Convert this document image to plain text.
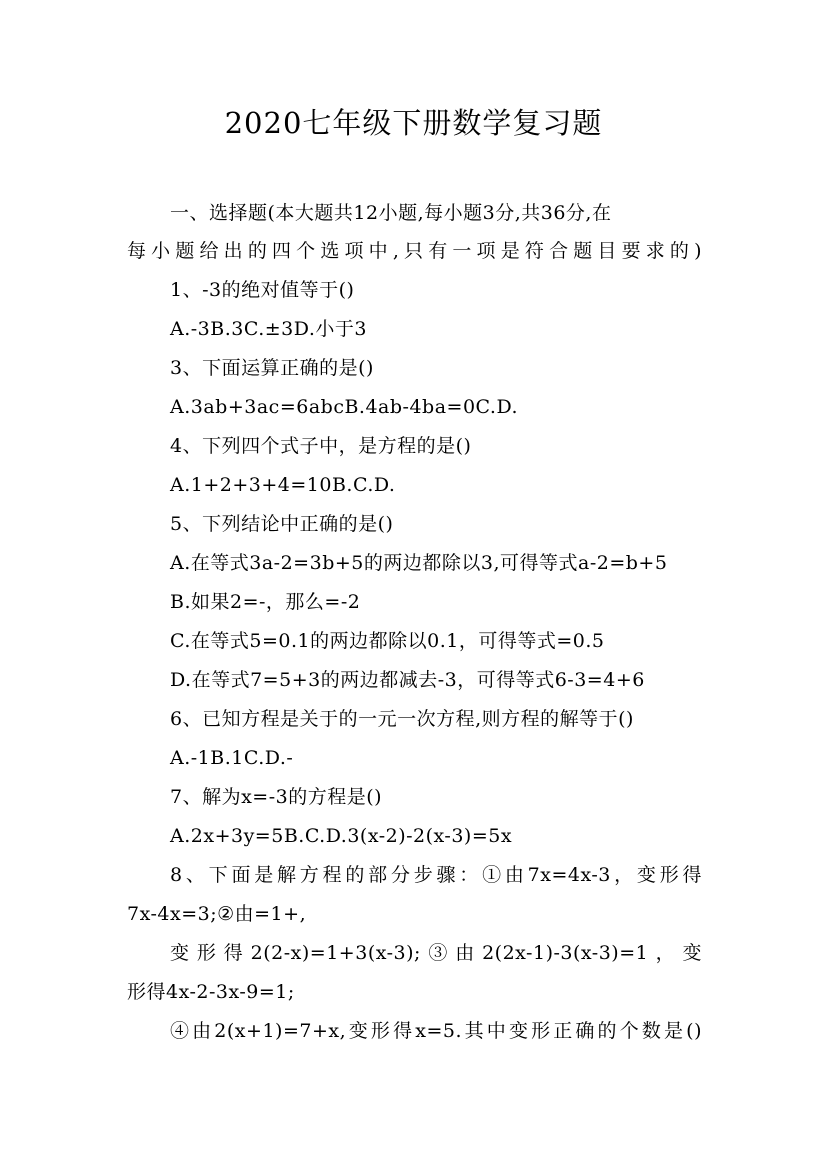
2020七年级下册数学复习题
一、选择题(本大题共12小题,每小题3分,共36分,在
每小题给出的四个选项中,只有一项是符合题目要求的)
1、-3的绝对值等于()
A.-3B.3C.±3D.小于3
3、下面运算正确的是()
A.3ab+3ac=6abcB.4ab-4ba=0C.D.
4、下列四个式子中，是方程的是()
A.1+2+3+4=10B.C.D.
5、下列结论中正确的是()
A.在等式3a-2=3b+5的两边都除以3,可得等式a-2=b+5
B.如果2=-，那么=-2
C.在等式5=0.1的两边都除以0.1，可得等式=0.5
D.在等式7=5+3的两边都减去-3，可得等式6-3=4+6
6、已知方程是关于的一元一次方程,则方程的解等于()
A.-1B.1C.D.-
7、解为x=-3的方程是()
A.2x+3y=5B.C.D.3(x-2)-2(x-3)=5x
8、下面是解方程的部分步骤：①由7x=4x-3，变形得
7x-4x=3;②由=1+,
变形得2(2-x)=1+3(x-3);③由2(2x-1)-3(x-3)=1，变
形得4x-2-3x-9=1;
④由2(x+1)=7+x,变形得x=5.其中变形正确的个数是()
